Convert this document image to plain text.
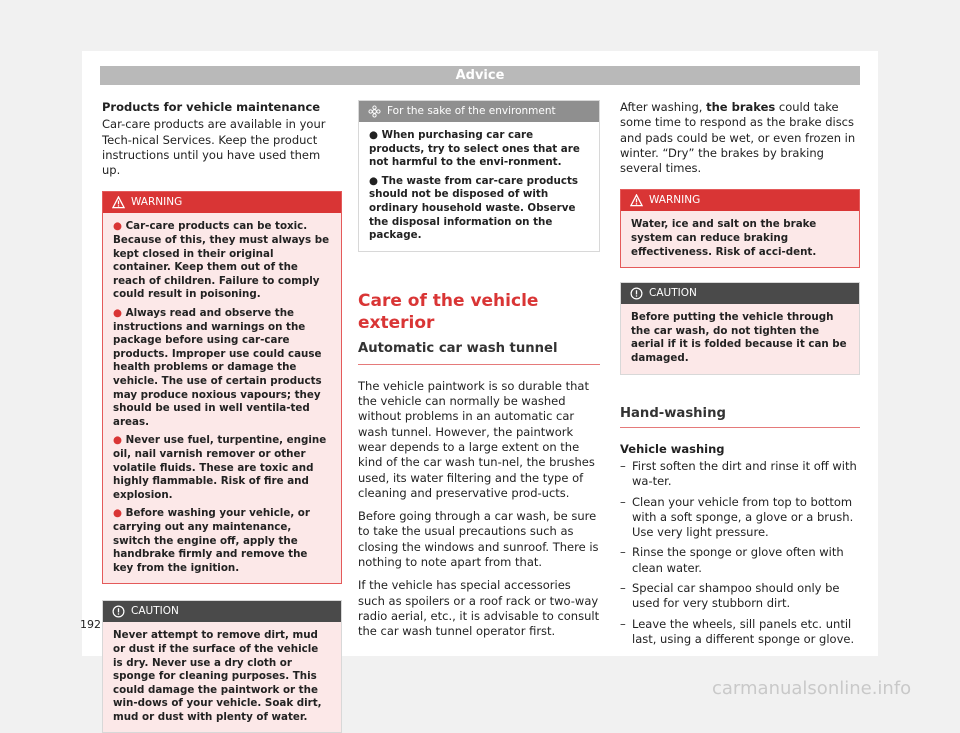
Advice

Products for vehicle maintenance

Car-care products are available in your Tech-nical Services. Keep the product instructions until you have used them up.

WARNING

● Car-care products can be toxic. Because of this, they must always be kept closed in their original container. Keep them out of the reach of children. Failure to comply could result in poisoning.

● Always read and observe the instructions and warnings on the package before using car-care products. Improper use could cause health problems or damage the vehicle. The use of certain products may produce noxious vapours; they should be used in well ventila-ted areas.

● Never use fuel, turpentine, engine oil, nail varnish remover or other volatile fluids. These are toxic and highly flammable. Risk of fire and explosion.

● Before washing your vehicle, or carrying out any maintenance, switch the engine off, apply the handbrake firmly and remove the key from the ignition.

CAUTION
Never attempt to remove dirt, mud or dust if the surface of the vehicle is dry. Never use a dry cloth or sponge for cleaning purposes. This could damage the paintwork or the win-dows of your vehicle. Soak dirt, mud or dust with plenty of water.
For the sake of the environment

● When purchasing car care products, try to select ones that are not harmful to the envi-ronment.

● The waste from car-care products should not be disposed of with ordinary household waste. Observe the disposal information on the package.

Care of the vehicle exterior
Automatic car wash tunnel

The vehicle paintwork is so durable that the vehicle can normally be washed without problems in an automatic car wash tunnel. However, the paintwork wear depends to a large extent on the kind of the car wash tun-nel, the brushes used, its water filtering and the type of cleaning and preservative prod-ucts.

Before going through a car wash, be sure to take the usual precautions such as closing the windows and sunroof. There is nothing to note apart from that.

If the vehicle has special accessories such as spoilers or a roof rack or two-way radio aerial, etc., it is advisable to consult the car wash tunnel operator first.

After washing, the brakes could take some time to respond as the brake discs and pads could be wet, or even frozen in winter. “Dry” the brakes by braking several times.

WARNING
Water, ice and salt on the brake system can reduce braking effectiveness. Risk of acci-dent.
CAUTION
Before putting the vehicle through the car wash, do not tighten the aerial if it is folded because it can be damaged.
Hand-washing

Vehicle washing

– First soften the dirt and rinse it off with wa-ter.

– Clean your vehicle from top to bottom with a soft sponge, a glove or a brush. Use very light pressure.

– Rinse the sponge or glove often with clean water.

– Special car shampoo should only be used for very stubborn dirt.

– Leave the wheels, sill panels etc. until last, using a different sponge or glove.

192
carmanualsonline.info
